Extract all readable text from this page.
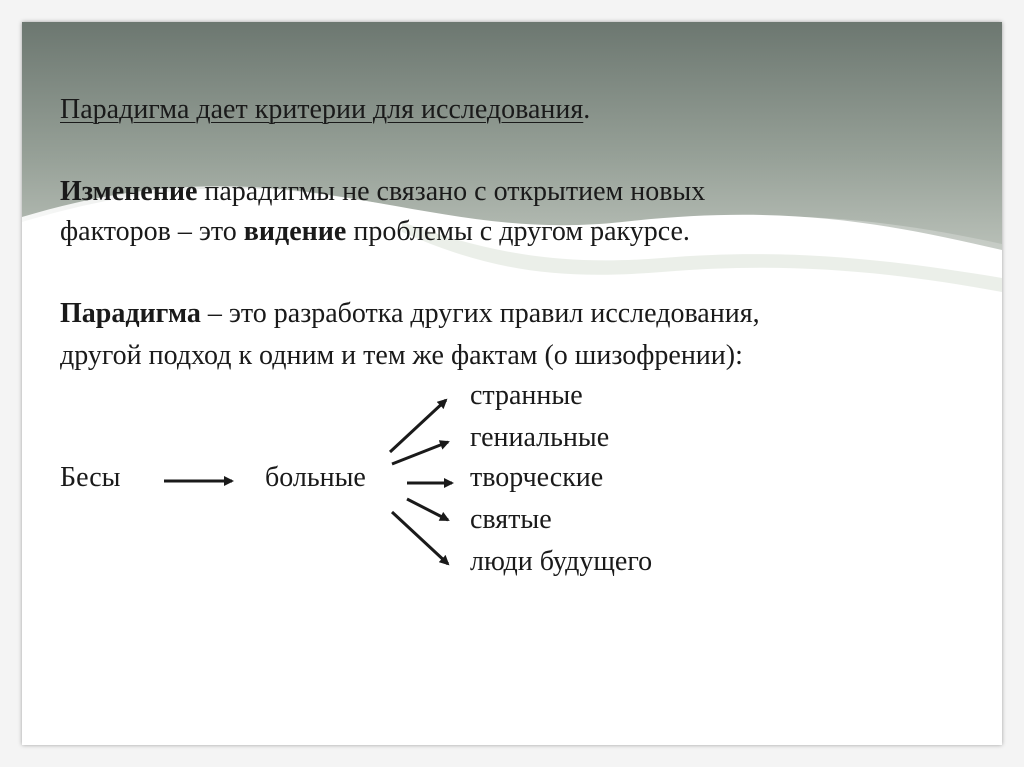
Парадигма дает критерии для исследования.
Изменение парадигмы не связано с открытием новых
факторов – это видение проблемы с другом ракурсе.
Парадигма – это разработка других правил исследования,
другой подход к одним и тем же фактам (о шизофрении):
Бесы	больные
странные
гениальные
творческие
святые
люди будущего
